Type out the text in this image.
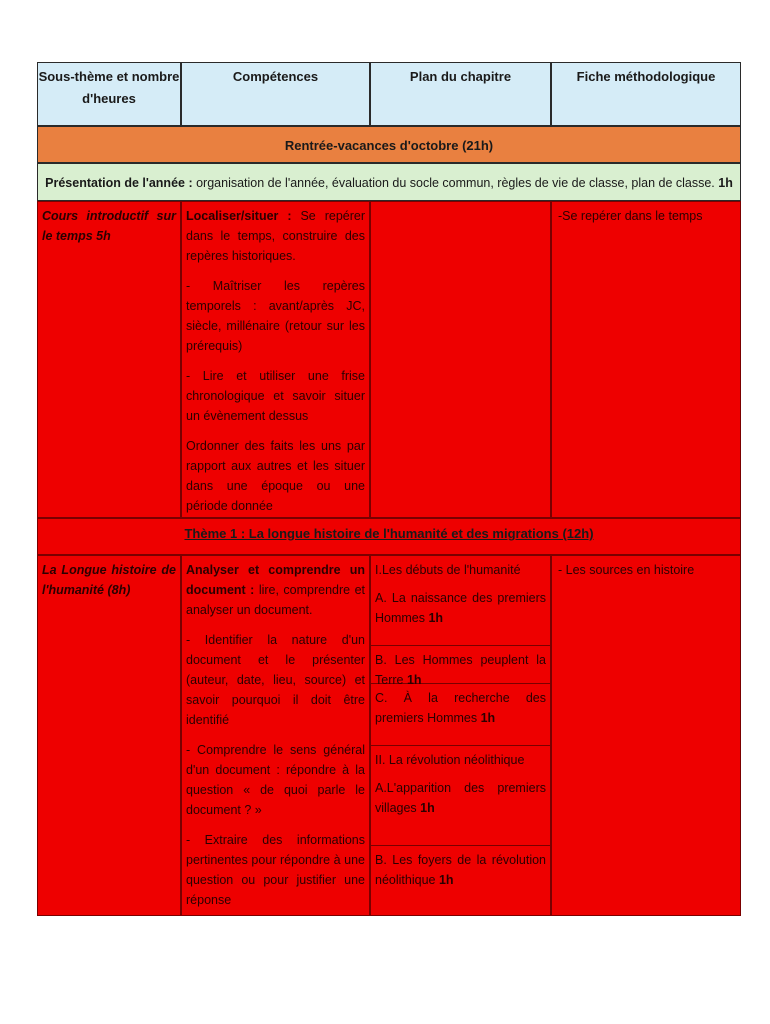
Sous-thème et nombre d'heures
Compétences	Plan du chapitre	Fiche méthodologique
Rentrée-vacances d'octobre (21h)
Présentation de l'année : organisation de l'année, évaluation du socle commun, règles de vie de classe, plan de classe. 1h
Cours introductif sur le temps 5h

Localiser/situer : Se repérer dans le temps, construire des repères historiques.

- Maîtriser les repères temporels : avant/après JC, siècle, millénaire (retour sur les prérequis)

- Lire et utiliser une frise chronologique et savoir situer un évènement dessus

Ordonner des faits les uns par rapport aux autres et les situer dans une époque ou une période donnée

-Se repérer dans le temps
Thème 1 : La longue histoire de l'humanité et des migrations (12h)
La Longue histoire de l'humanité (8h)

Analyser et comprendre un document : lire, comprendre et analyser un document.

- Identifier la nature d'un document et le présenter (auteur, date, lieu, source) et savoir pourquoi il doit être identifié

- Comprendre le sens général d'un document : répondre à la question « de quoi parle le document ? »

- Extraire des informations pertinentes pour répondre à une question ou pour justifier une réponse

I.Les débuts de l'humanité

A. La naissance des premiers Hommes 1h

B. Les Hommes peuplent la Terre 1h
C. À la recherche des premiers Hommes 1h

II. La révolution néolithique

A.L'apparition des premiers villages 1h

B. Les foyers de la révolution néolithique 1h
- Les sources en histoire
